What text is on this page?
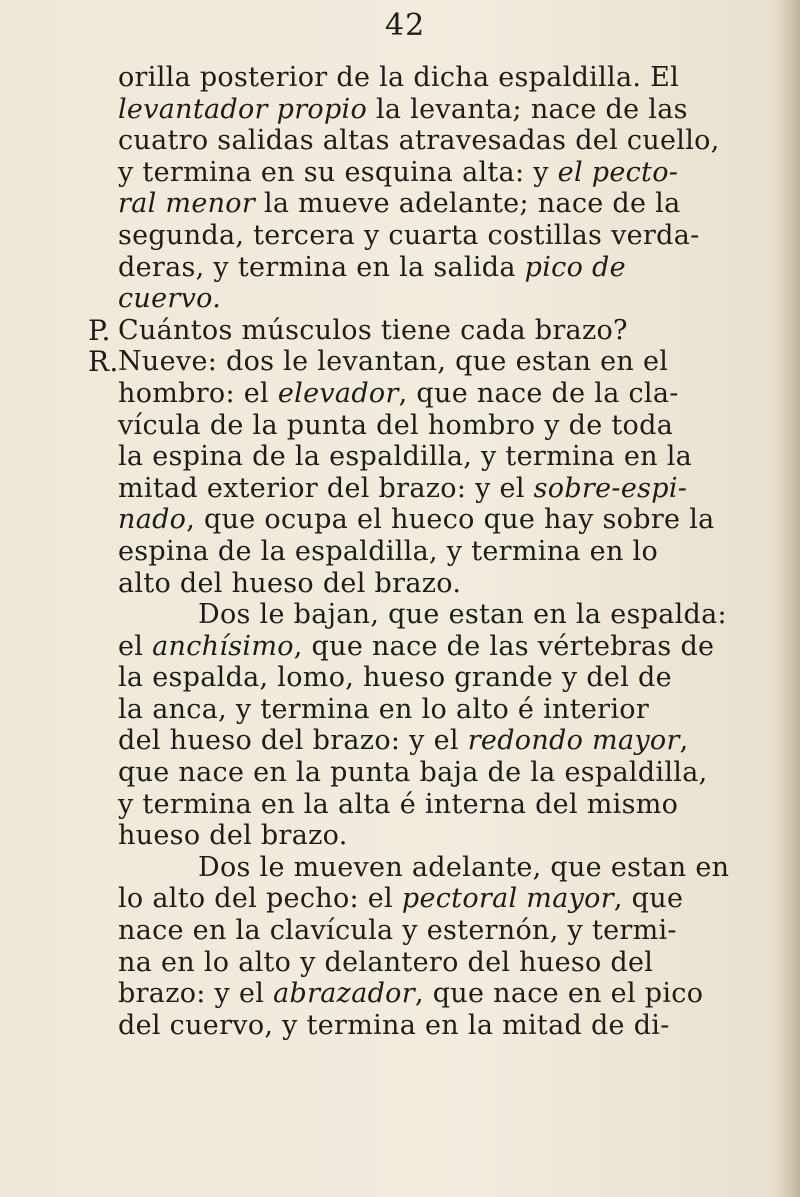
42
orilla posterior de la dicha espaldilla. El
levantador propio la levanta; nace de las
cuatro salidas altas atravesadas del cuello,
y termina en su esquina alta: y el pecto-
ral menor la mueve adelante; nace de la
segunda, tercera y cuarta costillas verda-
deras, y termina en la salida pico de
cuervo.
P. Cuántos músculos tiene cada brazo?
R. Nueve: dos le levantan, que estan en el
hombro: el elevador, que nace de la cla-
vícula de la punta del hombro y de toda
la espina de la espaldilla, y termina en la
mitad exterior del brazo: y el sobre-espi-
nado, que ocupa el hueco que hay sobre la
espina de la espaldilla, y termina en lo
alto del hueso del brazo.
Dos le bajan, que estan en la espalda:
el anchísimo, que nace de las vértebras de
la espalda, lomo, hueso grande y del de
la anca, y termina en lo alto é interior
del hueso del brazo: y el redondo mayor,
que nace en la punta baja de la espaldilla,
y termina en la alta é interna del mismo
hueso del brazo.
Dos le mueven adelante, que estan en
lo alto del pecho: el pectoral mayor, que
nace en la clavícula y esternón, y termi-
na en lo alto y delantero del hueso del
brazo: y el abrazador, que nace en el pico
del cuervo, y termina en la mitad de di-
